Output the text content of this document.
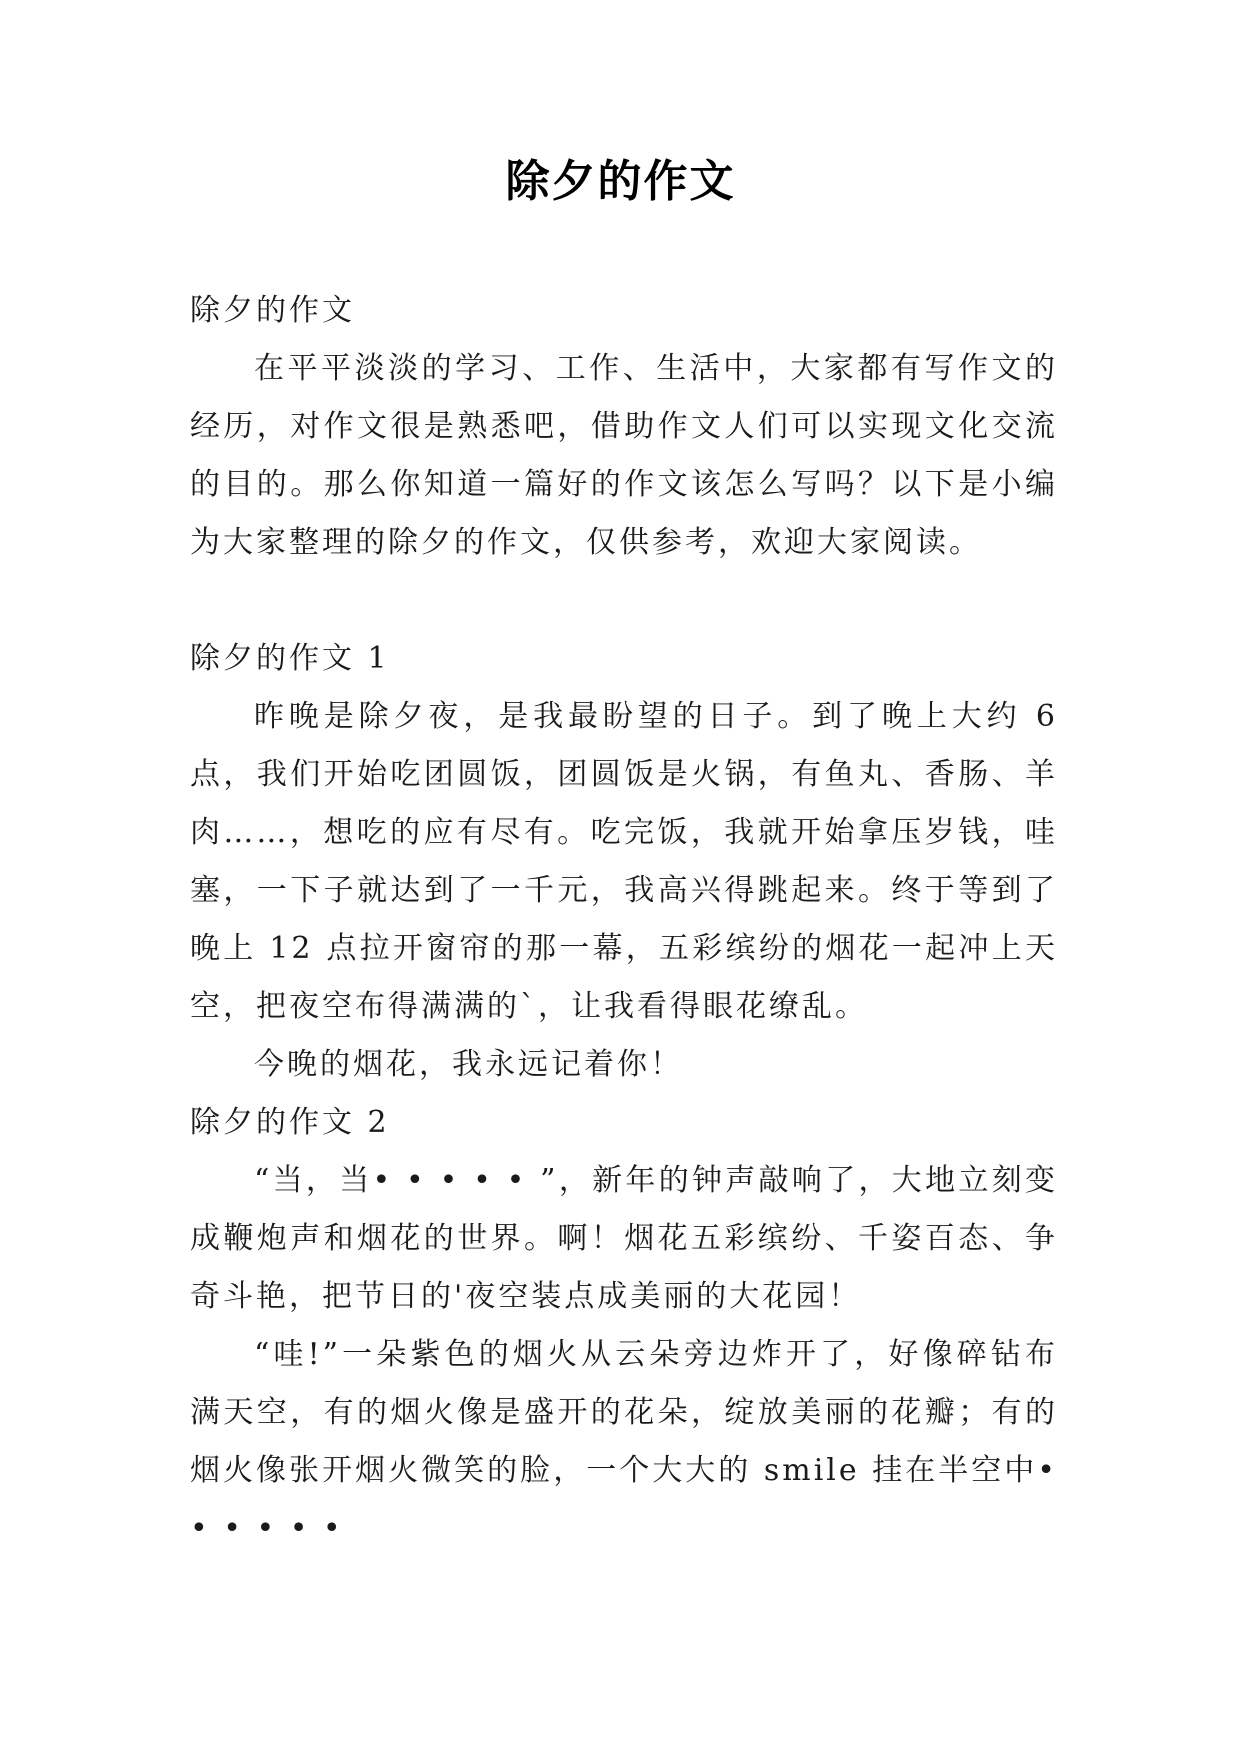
除夕的作文

除夕的作文

在平平淡淡的学习、工作、生活中，大家都有写作文的经历，对作文很是熟悉吧，借助作文人们可以实现文化交流的目的。那么你知道一篇好的作文该怎么写吗？以下是小编为大家整理的除夕的作文，仅供参考，欢迎大家阅读。

除夕的作文 1

昨晚是除夕夜，是我最盼望的日子。到了晚上大约 6 点，我们开始吃团圆饭，团圆饭是火锅，有鱼丸、香肠、羊肉……，想吃的应有尽有。吃完饭，我就开始拿压岁钱，哇塞，一下子就达到了一千元，我高兴得跳起来。终于等到了晚上 12 点拉开窗帘的那一幕，五彩缤纷的烟花一起冲上天空，把夜空布得满满的`，让我看得眼花缭乱。

今晚的烟花，我永远记着你！

除夕的作文 2

“当，当• • • • • ”，新年的钟声敲响了，大地立刻变成鞭炮声和烟花的世界。啊！烟花五彩缤纷、千姿百态、争奇斗艳，把节日的'夜空装点成美丽的大花园！

“哇!”一朵紫色的烟火从云朵旁边炸开了，好像碎钻布满天空，有的烟火像是盛开的花朵，绽放美丽的花瓣；有的烟火像张开烟火微笑的脸，一个大大的 smile 挂在半空中• • • • • •
